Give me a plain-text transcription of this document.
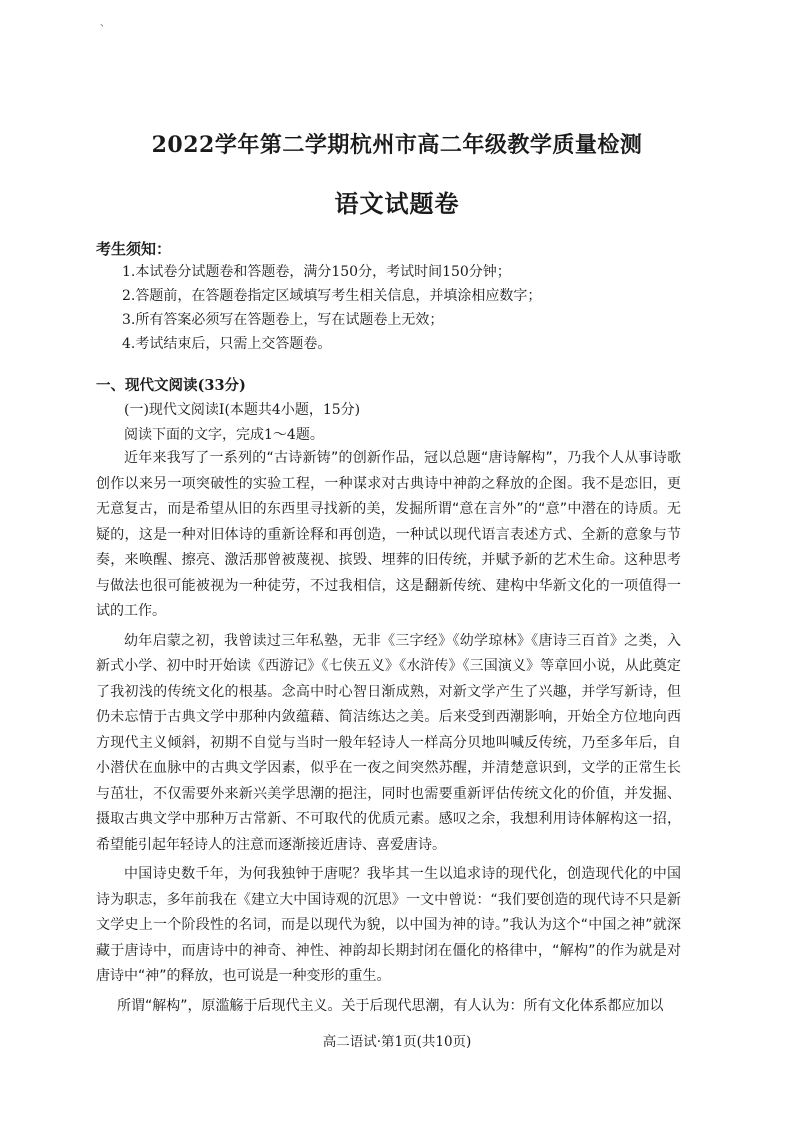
、
2022学年第二学期杭州市高二年级教学质量检测
语文试题卷
考生须知：
1.本试卷分试题卷和答题卷，满分150分，考试时间150分钟；
2.答题前，在答题卷指定区域填写考生相关信息，并填涂相应数字；
3.所有答案必须写在答题卷上，写在试题卷上无效；
4.考试结束后，只需上交答题卷。
一、现代文阅读(33分)
(一)现代文阅读Ⅰ(本题共4小题，15分)
阅读下面的文字，完成1～4题。

近年来我写了一系列的“古诗新铸”的创新作品，冠以总题“唐诗解构”，乃我个人从事诗歌创作以来另一项突破性的实验工程，一种谋求对古典诗中神韵之释放的企图。我不是恋旧，更无意复古，而是希望从旧的东西里寻找新的美，发掘所谓“意在言外”的“意”中潜在的诗质。无疑的，这是一种对旧体诗的重新诠释和再创造，一种试以现代语言表述方式、全新的意象与节奏，来唤醒、擦亮、激活那曾被蔑视、摈毁、埋葬的旧传统，并赋予新的艺术生命。这种思考与做法也很可能被视为一种徒劳，不过我相信，这是翻新传统、建构中华新文化的一项值得一试的工作。

幼年启蒙之初，我曾读过三年私塾，无非《三字经》《幼学琼林》《唐诗三百首》之类，入新式小学、初中时开始读《西游记》《七侠五义》《水浒传》《三国演义》等章回小说，从此奠定了我初浅的传统文化的根基。念高中时心智日渐成熟，对新文学产生了兴趣，并学写新诗，但仍未忘情于古典文学中那种内敛蕴藉、简洁练达之美。后来受到西潮影响，开始全方位地向西方现代主义倾斜，初期不自觉与当时一般年轻诗人一样高分贝地叫喊反传统，乃至多年后，自小潜伏在血脉中的古典文学因素，似乎在一夜之间突然苏醒，并清楚意识到，文学的正常生长与茁壮，不仅需要外来新兴美学思潮的挹注，同时也需要重新评估传统文化的价值，并发掘、摄取古典文学中那种万古常新、不可取代的优质元素。感叹之余，我想利用诗体解构这一招，希望能引起年轻诗人的注意而逐渐接近唐诗、喜爱唐诗。

中国诗史数千年，为何我独钟于唐呢？我毕其一生以追求诗的现代化，创造现代化的中国诗为职志，多年前我在《建立大中国诗观的沉思》一文中曾说：“我们要创造的现代诗不只是新文学史上一个阶段性的名词，而是以现代为貌，以中国为神的诗。”我认为这个“中国之神”就深藏于唐诗中，而唐诗中的神奇、神性、神韵却长期封闭在僵化的格律中，“解构”的作为就是对唐诗中“神”的释放，也可说是一种变形的重生。

所谓“解构”，原滥觞于后现代主义。关于后现代思潮，有人认为：所有文化体系都应加以

高二语试·第1页(共10页)
